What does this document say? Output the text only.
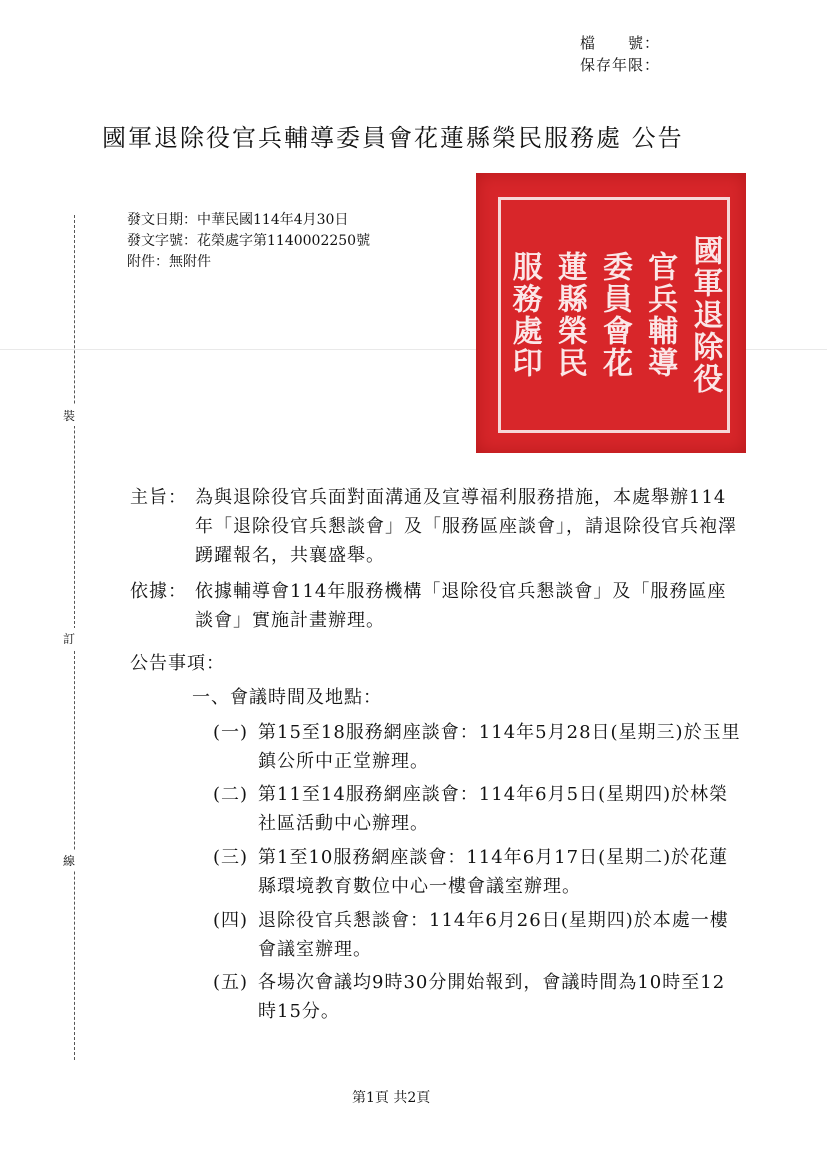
檔　　號：
保存年限：
國軍退除役官兵輔導委員會花蓮縣榮民服務處 公告
發文日期：中華民國114年4月30日
發文字號：花榮處字第1140002250號
附件：無附件
裝
訂
線
國軍退除役
官兵輔導
委員會花
蓮縣榮民
服務處印
主旨： 為與退除役官兵面對面溝通及宣導福利服務措施，本處舉辦114年「退除役官兵懇談會」及「服務區座談會」，請退除役官兵袍澤踴躍報名，共襄盛舉。
依據： 依據輔導會114年服務機構「退除役官兵懇談會」及「服務區座談會」實施計畫辦理。
公告事項：
一、會議時間及地點：
(一) 第15至18服務網座談會：114年5月28日(星期三)於玉里鎮公所中正堂辦理。
(二) 第11至14服務網座談會：114年6月5日(星期四)於林榮社區活動中心辦理。
(三) 第1至10服務網座談會：114年6月17日(星期二)於花蓮縣環境教育數位中心一樓會議室辦理。
(四) 退除役官兵懇談會：114年6月26日(星期四)於本處一樓會議室辦理。
(五) 各場次會議均9時30分開始報到，會議時間為10時至12時15分。
第1頁 共2頁
